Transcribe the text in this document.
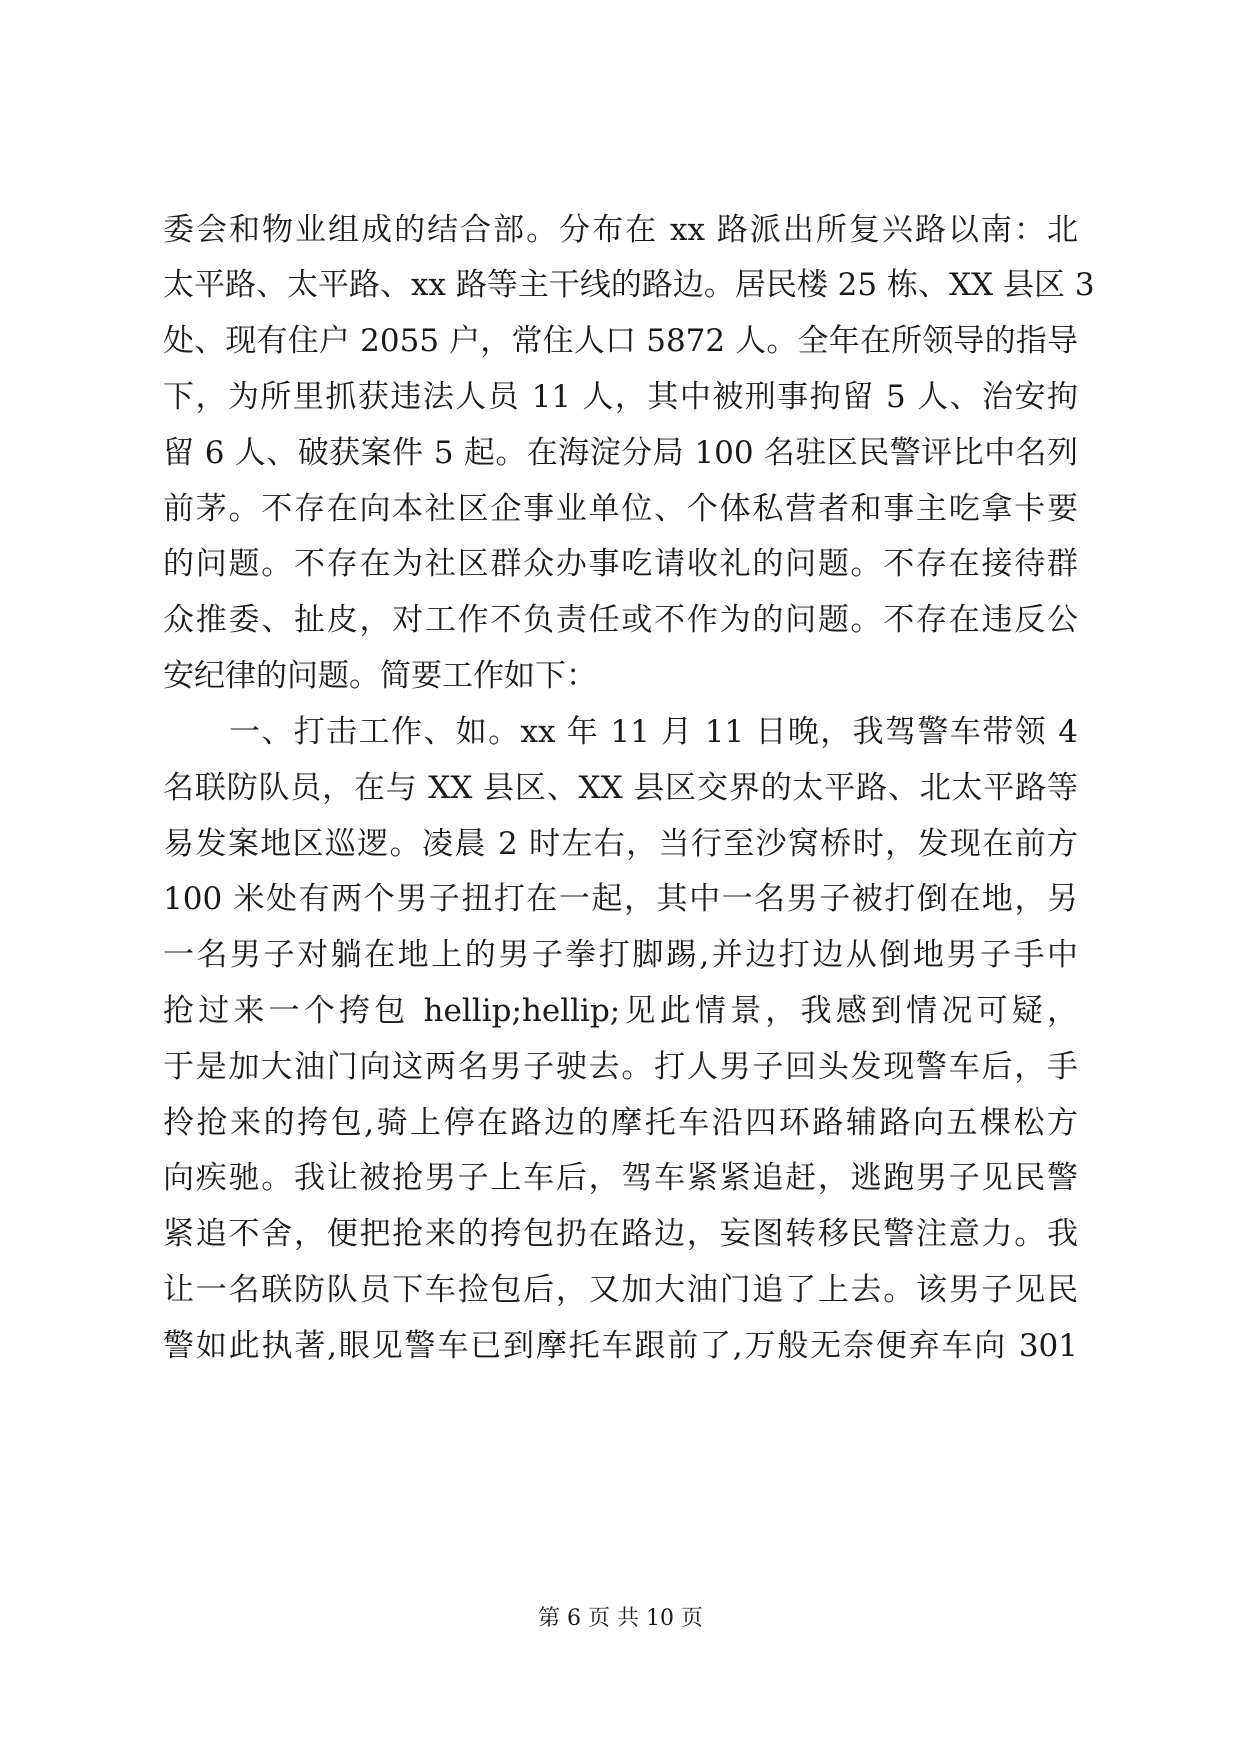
委会和物业组成的结合部。分布在 xx 路派出所复兴路以南：北
太平路、太平路、xx 路等主干线的路边。居民楼 25 栋、XX 县区 3
处、现有住户 2055 户，常住人口 5872 人。全年在所领导的指导
下，为所里抓获违法人员 11 人，其中被刑事拘留 5 人、治安拘
留 6 人、破获案件 5 起。在海淀分局 100 名驻区民警评比中名列
前茅。不存在向本社区企事业单位、个体私营者和事主吃拿卡要
的问题。不存在为社区群众办事吃请收礼的问题。不存在接待群
众推委、扯皮，对工作不负责任或不作为的问题。不存在违反公
安纪律的问题。简要工作如下：
一、打击工作、如。xx 年 11 月 11 日晚，我驾警车带领 4
名联防队员，在与 XX 县区、XX 县区交界的太平路、北太平路等
易发案地区巡逻。凌晨 2 时左右，当行至沙窝桥时，发现在前方
100 米处有两个男子扭打在一起，其中一名男子被打倒在地，另
一名男子对躺在地上的男子拳打脚踢,并边打边从倒地男子手中
抢过来一个挎包 hellip;hellip;见此情景，我感到情况可疑，
于是加大油门向这两名男子驶去。打人男子回头发现警车后，手
拎抢来的挎包,骑上停在路边的摩托车沿四环路辅路向五棵松方
向疾驰。我让被抢男子上车后，驾车紧紧追赶，逃跑男子见民警
紧追不舍，便把抢来的挎包扔在路边，妄图转移民警注意力。我
让一名联防队员下车捡包后，又加大油门追了上去。该男子见民
警如此执著,眼见警车已到摩托车跟前了,万般无奈便弃车向 301
第 6 页 共 10 页
